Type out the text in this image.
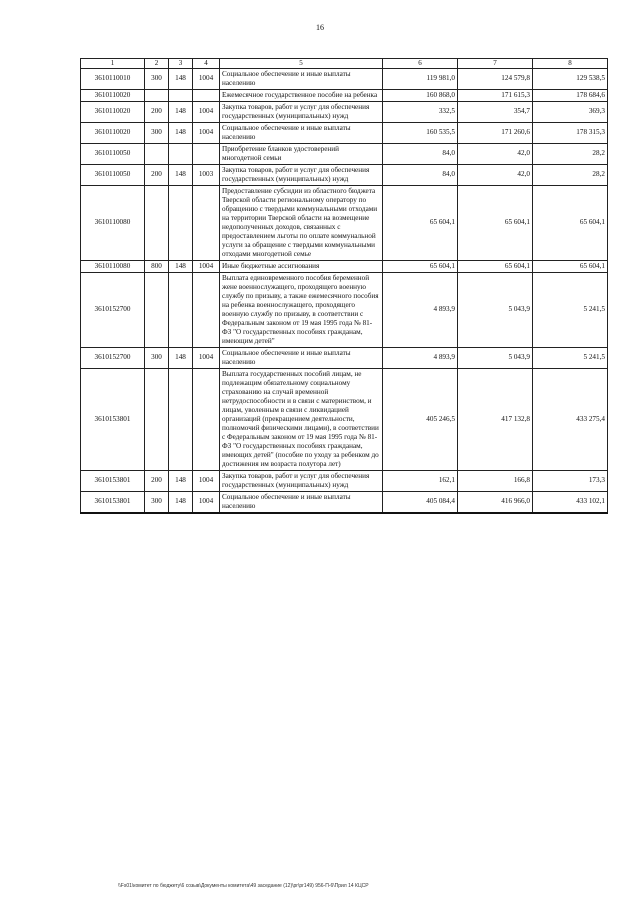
16
1	2	3	4	5	6	7	8
3610110010	300	148	1004	Социальное обеспечение и иные выплаты населению	119 981,0	124 579,8	129 538,5
3610110020				Ежемесячное государственное пособие на ребенка	160 868,0	171 615,3	178 684,6
3610110020	200	148	1004	Закупка товаров, работ и услуг для обеспечения государственных (муниципальных) нужд	332,5	354,7	369,3
3610110020	300	148	1004	Социальное обеспечение и иные выплаты населению	160 535,5	171 260,6	178 315,3
3610110050				Приобретение бланков удостоверений многодетной семьи	84,0	42,0	28,2
3610110050	200	148	1003	Закупка товаров, работ и услуг для обеспечения государственных (муниципальных) нужд	84,0	42,0	28,2
3610110080				Предоставление субсидии из областного бюджета Тверской области региональному оператору по обращению с твердыми коммунальными отходами на территории Тверской области на возмещение недополученных доходов, связанных с предоставлением льготы по оплате коммунальной услуги за обращение с твердыми коммунальными отходами многодетной семье	65 604,1	65 604,1	65 604,1
3610110080	800	148	1004	Иные бюджетные ассигнования	65 604,1	65 604,1	65 604,1
3610152700				Выплата единовременного пособия беременной жене военнослужащего, проходящего военную службу по призыву, а также ежемесячного пособия на ребенка военнослужащего, проходящего военную службу по призыву, в соответствии с Федеральным законом от 19 мая 1995 года № 81-ФЗ "О государственных пособиях гражданам, имеющим детей"	4 893,9	5 043,9	5 241,5
3610152700	300	148	1004	Социальное обеспечение и иные выплаты населению	4 893,9	5 043,9	5 241,5
3610153801				Выплата государственных пособий лицам, не подлежащим обязательному социальному страхованию на случай временной нетрудоспособности и в связи с материнством, и лицам, уволенным в связи с ликвидацией организаций (прекращением деятельности, полномочий физическими лицами), в соответствии с Федеральным законом от 19 мая 1995 года № 81-ФЗ "О государственных пособиях гражданам, имеющих детей" (пособие по уходу за ребенком до достижения им возраста полутора лет)	405 246,5	417 132,8	433 275,4
3610153801	200	148	1004	Закупка товаров, работ и услуг для обеспечения государственных (муниципальных) нужд	162,1	166,8	173,3
3610153801	300	148	1004	Социальное обеспечение и иные выплаты населению	405 084,4	416 966,0	433 102,1
\\Fs01\комитет по бюджету\6 созыв\Документы комитета\49 заседание (12)\pr\pr149) 956-П-6\Прил 14 КЦСР
